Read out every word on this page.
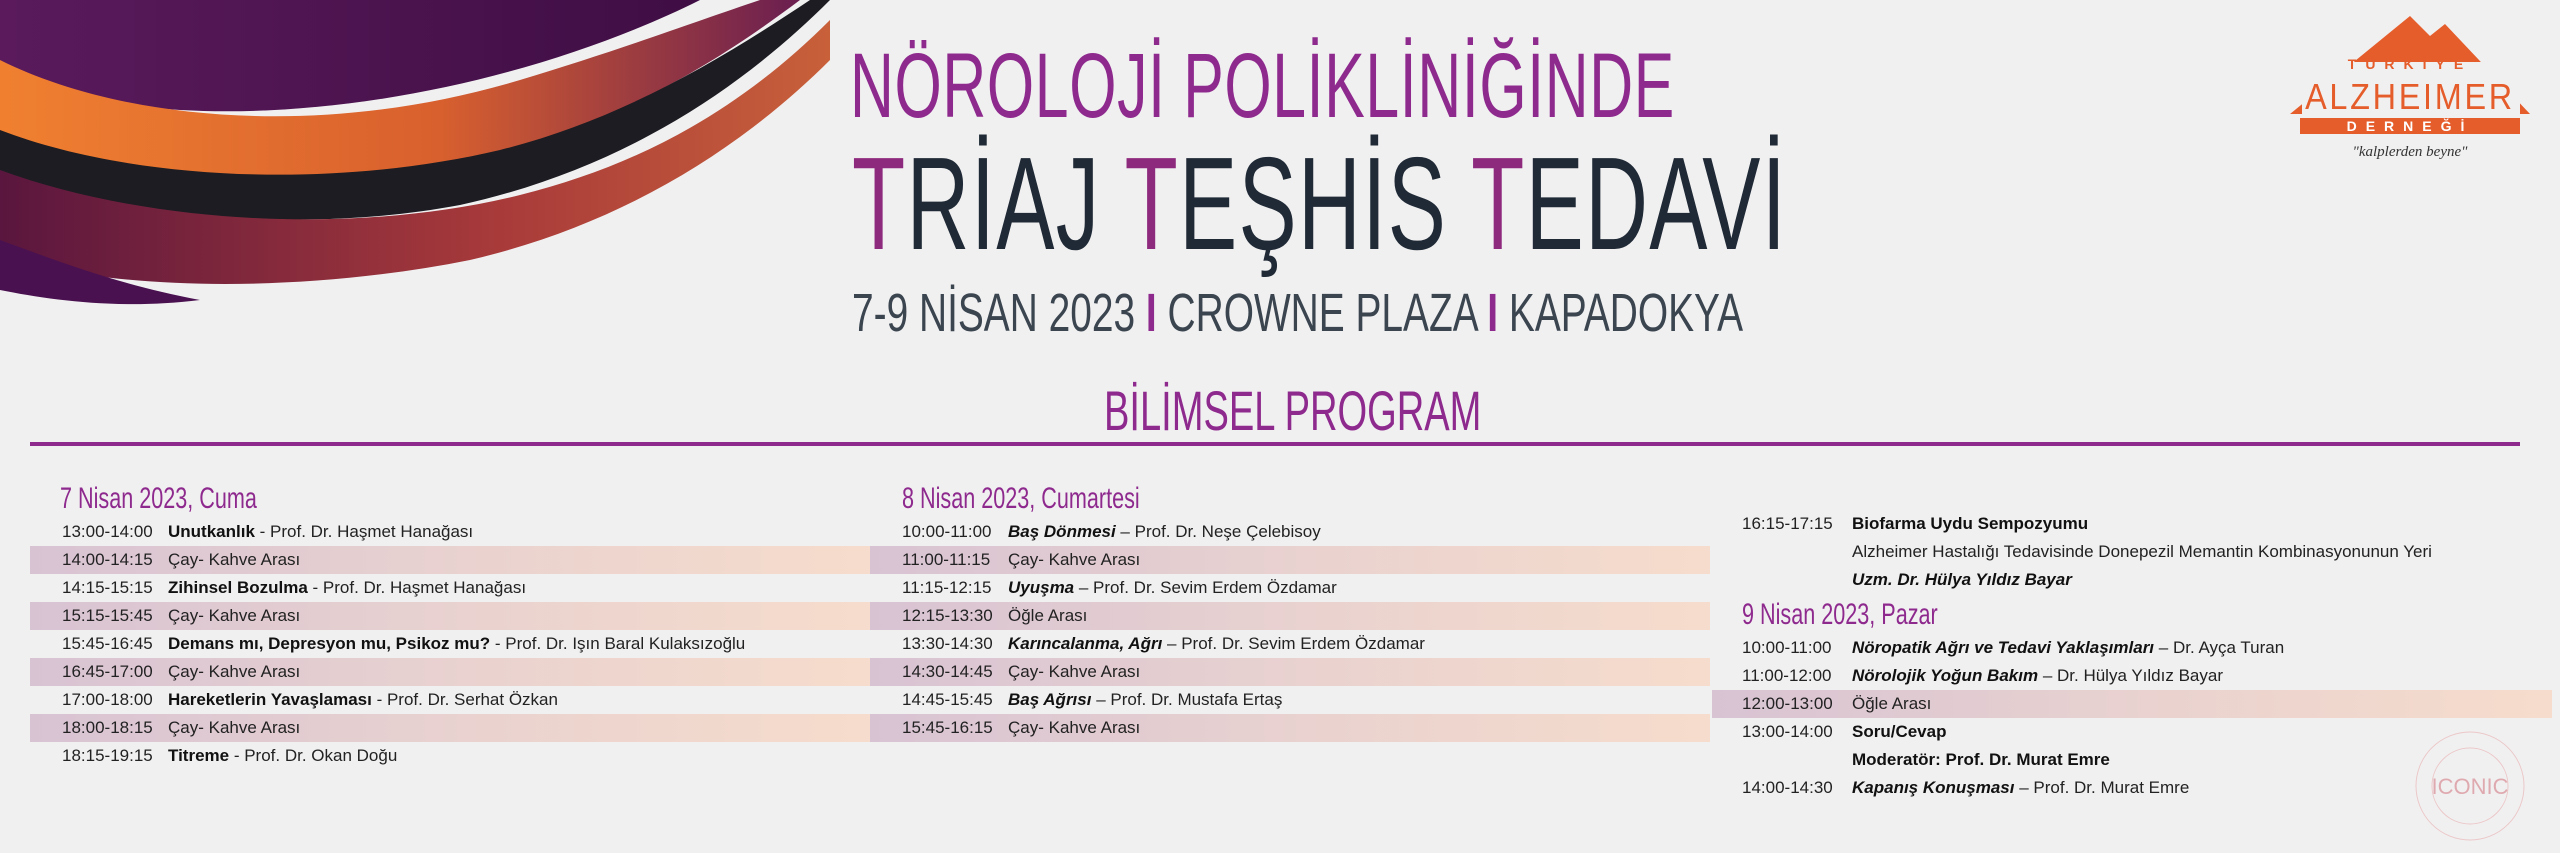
TÜRKİYE
ALZHEIMER
DERNEĞİ
"kalplerden beyne"
NÖROLOJİ POLİKLİNİĞİNDE
TRİAJ TEŞHİS TEDAVİ
7-9 NİSAN 2023 I CROWNE PLAZA I KAPADOKYA
BİLİMSEL PROGRAM
7 Nisan 2023, Cuma
13:00-14:00 Unutkanlık - Prof. Dr. Haşmet Hanağası
14:00-14:15 Çay- Kahve Arası
14:15-15:15 Zihinsel Bozulma - Prof. Dr. Haşmet Hanağası
15:15-15:45 Çay- Kahve Arası
15:45-16:45 Demans mı, Depresyon mu, Psikoz mu? - Prof. Dr. Işın Baral Kulaksızoğlu
16:45-17:00 Çay- Kahve Arası
17:00-18:00 Hareketlerin Yavaşlaması - Prof. Dr. Serhat Özkan
18:00-18:15 Çay- Kahve Arası
18:15-19:15 Titreme - Prof. Dr. Okan Doğu
8 Nisan 2023, Cumartesi
10:00-11:00 Baş Dönmesi – Prof. Dr. Neşe Çelebisoy
11:00-11:15 Çay- Kahve Arası
11:15-12:15 Uyuşma – Prof. Dr. Sevim Erdem Özdamar
12:15-13:30 Öğle Arası
13:30-14:30 Karıncalanma, Ağrı – Prof. Dr. Sevim Erdem Özdamar
14:30-14:45 Çay- Kahve Arası
14:45-15:45 Baş Ağrısı – Prof. Dr. Mustafa Ertaş
15:45-16:15 Çay- Kahve Arası
16:15-17:15 Biofarma Uydu Sempozyumu
Alzheimer Hastalığı Tedavisinde Donepezil Memantin Kombinasyonunun Yeri
Uzm. Dr. Hülya Yıldız Bayar
9 Nisan 2023, Pazar
10:00-11:00 Nöropatik Ağrı ve Tedavi Yaklaşımları – Dr. Ayça Turan
11:00-12:00 Nörolojik Yoğun Bakım – Dr. Hülya Yıldız Bayar
12:00-13:00 Öğle Arası
13:00-14:00 Soru/Cevap
Moderatör: Prof. Dr. Murat Emre
14:00-14:30 Kapanış Konuşması – Prof. Dr. Murat Emre	ICONIC
